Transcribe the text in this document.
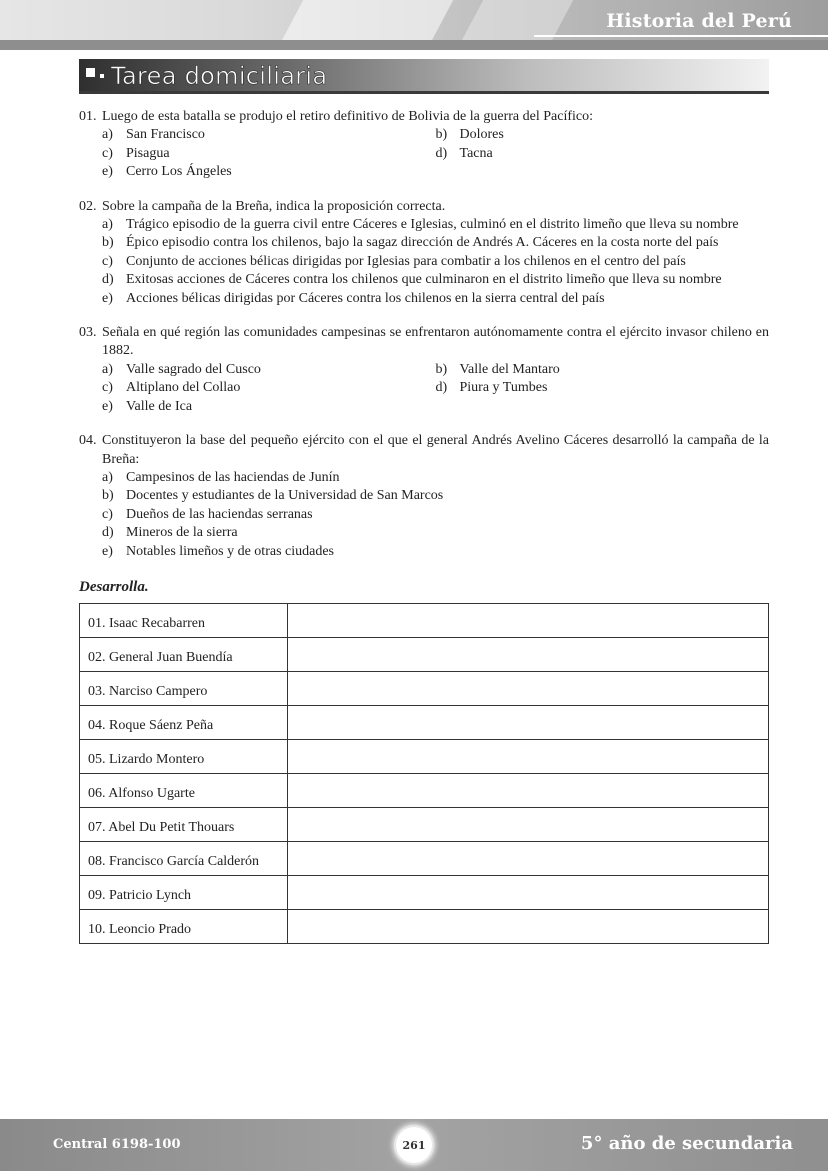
Historia del Perú
Tarea domiciliaria
01. Luego de esta batalla se produjo el retiro definitivo de Bolivia de la guerra del Pacífico:
a) San Francisco	b) Dolores
c) Pisagua	d) Tacna
e) Cerro Los Ángeles
02. Sobre la campaña de la Breña, indica la proposición correcta.
a) Trágico episodio de la guerra civil entre Cáceres e Iglesias, culminó en el distrito limeño que lleva su nombre
b) Épico episodio contra los chilenos, bajo la sagaz dirección de Andrés A. Cáceres en la costa norte del país
c) Conjunto de acciones bélicas dirigidas por Iglesias para combatir a los chilenos en el centro del país
d) Exitosas acciones de Cáceres contra los chilenos que culminaron en el distrito limeño que lleva su nombre
e) Acciones bélicas dirigidas por Cáceres contra los chilenos en la sierra central del país
03. Señala en qué región las comunidades campesinas se enfrentaron autónomamente contra el ejército invasor chileno en 1882.
a) Valle sagrado del Cusco	b) Valle del Mantaro
c) Altiplano del Collao	d) Piura y Tumbes
e) Valle de Ica
04. Constituyeron la base del pequeño ejército con el que el general Andrés Avelino Cáceres desarrolló la campaña de la Breña:
a) Campesinos de las haciendas de Junín
b) Docentes y estudiantes de la Universidad de San Marcos
c) Dueños de las haciendas serranas
d) Mineros de la sierra
e) Notables limeños y de otras ciudades
Desarrolla.
01. Isaac Recabarren	
02. General Juan Buendía	
03. Narciso Campero	
04. Roque Sáenz Peña	
05. Lizardo Montero	
06. Alfonso Ugarte	
07. Abel Du Petit Thouars	
08. Francisco García Calderón	
09. Patricio Lynch	
10. Leoncio Prado	
Central 6198-100	261	5° año de secundaria
